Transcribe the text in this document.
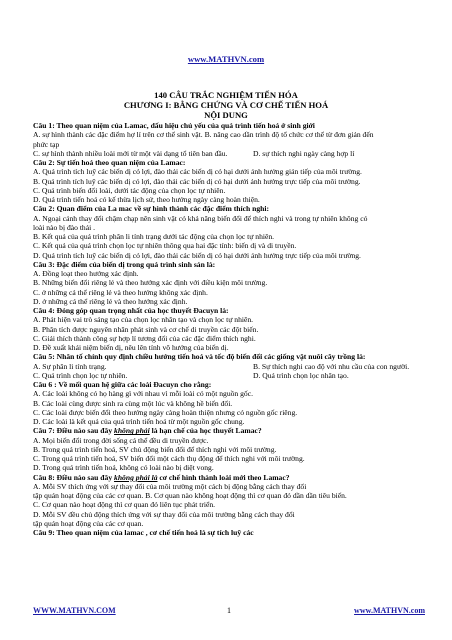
www.MATHVN.com
140 CÂU TRẮC NGHIỆM TIẾN HÓA
CHƯƠNG I: BẰNG CHỨNG VÀ CƠ CHẾ TIẾN HOÁ
NỘI DUNG
Câu 1: Theo quan niệm của Lamac, dấu hiệu chủ yếu của quá trình tiến hoá ở sinh giới
A. sự hình thành các đặc điểm hợ lí trên cơ thể sinh vật. B. nâng cao dần trình độ tổ chức cơ thể từ đơn giản đến
phức tạp
C. sự hình thành nhiều loài mới từ một vài dạng tổ tiên ban đầu.	D. sự thích nghi ngày càng hợp lí
Câu 2: Sự tiến hoá theo quan niệm của Lamac:
A. Quá trình tích luỹ các biến dị có lợi, đào thải các biến dị có hại dưới ảnh hưởng gián tiếp của môi trường.
B. Quá trình tích luỹ các biến dị có lợi, đào thải các biến dị có hại dưới ảnh hưởng trực tiếp của môi trường.
C. Quá trình biến đổi loài, dưới tác động của chọn lọc tự nhiên.
D. Quá trình tiến hoá có kế thừa lịch sử, theo hướng ngày càng hoàn thiện.
Câu 2: Quan điểm của La mac về sự hình thành các đặc điểm thích nghi:
A. Ngoại cảnh thay đổi chậm chạp nên sinh vật có khả năng biến đổi để thích nghi và trong tự nhiên không có
loài nào bị đào thải .
B. Kết quả của quá trình phân li tính trạng dưới tác động của chọn lọc tự nhiên.
C. Kết quả của quá trình chọn lọc tự nhiên thông qua hai đặc tính: biến dị và di truyền.
D. Quá trình tích luỹ các biến dị có lợi, đào thải các biến dị có hại dưới ảnh hưởng trực tiếp của môi trường.
Câu 3: Đặc điểm của biến dị trong quá trình sinh sản là:
A. Đồng loạt theo hướng xác định.
B. Những biến đổi riêng lẻ và theo hướng xác định với điều kiện môi trường.
C. ở những cá thể riêng lẻ và theo hướng không xác định.
D. ở những cá thể riêng lẻ và theo hướng xác định.
Câu 4: Đóng góp quan trọng nhất của học thuyết Đacuyn là:
A. Phát hiện vai trò sáng tạo của chọn lọc nhân tạo và chọn lọc tự nhiên.
B. Phân tích được nguyên nhân phát sinh và cơ chế di truyền các đột biến.
C. Giải thích thành công sự hợp lí tương đối của các đặc điểm thích nghi.
D. Đề xuất khái niệm biến dị, nêu lên tính vô hướng của biến dị.
Câu 5: Nhân tố chính quy định chiều hướng tiến hoá và tốc độ biến đổi các giống vật nuôi cây trồng là:
A. Sự phân li tính trạng.	B. Sự thích nghi cao độ với nhu cầu của con người.
C. Quá trình chọn lọc tự nhiên.	D. Quá trình chọn lọc nhân tạo.
Câu 6 : Về mối quan hệ giữa các loài Đacuyn cho rằng:
A. Các loài không có họ hàng gì với nhau vì mỗi loài có một nguồn gốc.
B. Các loài cùng được sinh ra cùng một lúc và không hề biến đổi.
C. Các loài được biến đổi theo hướng ngày càng hoàn thiện nhưng có nguồn gốc riêng.
D. Các loài là kết quả của quá trình tiến hoá từ một nguồn gốc chung.
Câu 7: Điều nào sau đây không phải là hạn chế của học thuyết Lamac?
A. Mọi biến đổi trong đời sống cá thể đều di truyền được.
B. Trong quá trình tiến hoá, SV chủ động biến đổi để thích nghi với môi trường.
C. Trong quá trình tiến hoá, SV biến đổi một cách thụ động để thích nghi với môi trường.
D. Trong quá trình tiến hoá, không có loài nào bị diệt vong.
Câu 8: Điều nào sau đây không phải là cơ chế hình thành loài mới theo Lamac?
A. Mỗi SV thích ứng với sự thay đổi của môi trường một cách bị động bằng cách thay đổi
tập quán hoạt động của các cơ quan. B. Cơ quan nào không hoạt động thì cơ quan đó dần dần tiêu biến.
C. Cơ quan nào hoạt động thì cơ quan đó liên tục phát triển.
D. Mỗi SV đều chủ động thích ứng với sự thay đổi của môi trường bằng cách thay đổi
tập quán hoạt động của các cơ quan.
Câu 9: Theo quan niệm của lamac , cơ chế tiến hoá là sự tích luỹ các
WWW.MATHVN.COM	1	www.MATHVN.com
